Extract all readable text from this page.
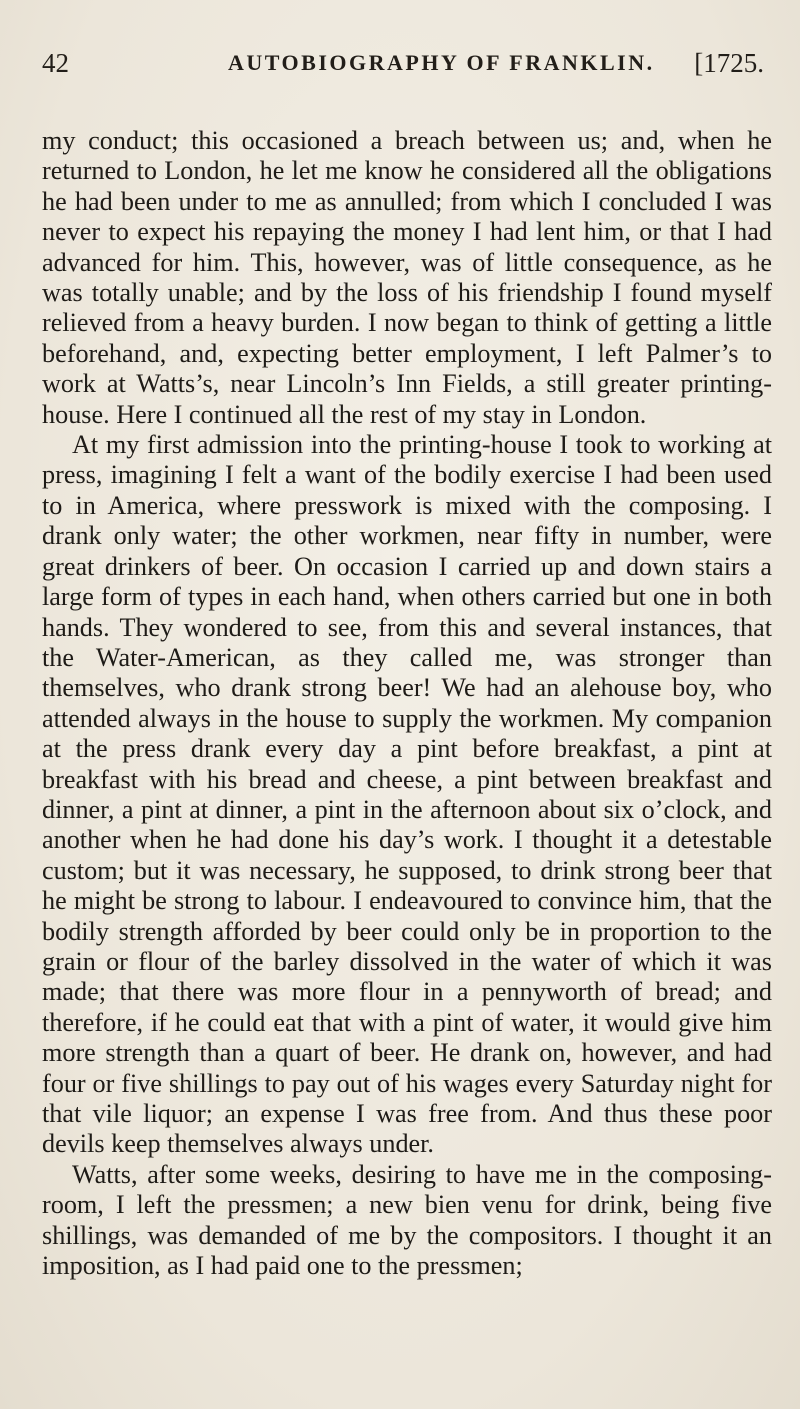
42	AUTOBIOGRAPHY OF FRANKLIN. [1725.

my conduct; this occasioned a breach between us; and, when he returned to London, he let me know he considered all the obligations he had been under to me as annulled; from which I concluded I was never to expect his repaying the money I had lent him, or that I had advanced for him. This, however, was of little consequence, as he was totally unable; and by the loss of his friendship I found myself relieved from a heavy burden. I now began to think of getting a little beforehand, and, expecting better employment, I left Palmer’s to work at Watts’s, near Lincoln’s Inn Fields, a still greater printing-house. Here I continued all the rest of my stay in London.

At my first admission into the printing-house I took to working at press, imagining I felt a want of the bodily exercise I had been used to in America, where presswork is mixed with the composing. I drank only water; the other workmen, near fifty in number, were great drinkers of beer. On occasion I carried up and down stairs a large form of types in each hand, when others carried but one in both hands. They wondered to see, from this and several instances, that the Water-American, as they called me, was stronger than themselves, who drank strong beer! We had an alehouse boy, who attended always in the house to supply the workmen. My companion at the press drank every day a pint before breakfast, a pint at breakfast with his bread and cheese, a pint between breakfast and dinner, a pint at dinner, a pint in the afternoon about six o’clock, and another when he had done his day’s work. I thought it a detestable custom; but it was necessary, he supposed, to drink strong beer that he might be strong to labour. I endeavoured to convince him, that the bodily strength afforded by beer could only be in proportion to the grain or flour of the barley dissolved in the water of which it was made; that there was more flour in a pennyworth of bread; and therefore, if he could eat that with a pint of water, it would give him more strength than a quart of beer. He drank on, however, and had four or five shillings to pay out of his wages every Saturday night for that vile liquor; an expense I was free from. And thus these poor devils keep themselves always under.

Watts, after some weeks, desiring to have me in the composing-room, I left the pressmen; a new bien venu for drink, being five shillings, was demanded of me by the compositors. I thought it an imposition, as I had paid one to the pressmen;
